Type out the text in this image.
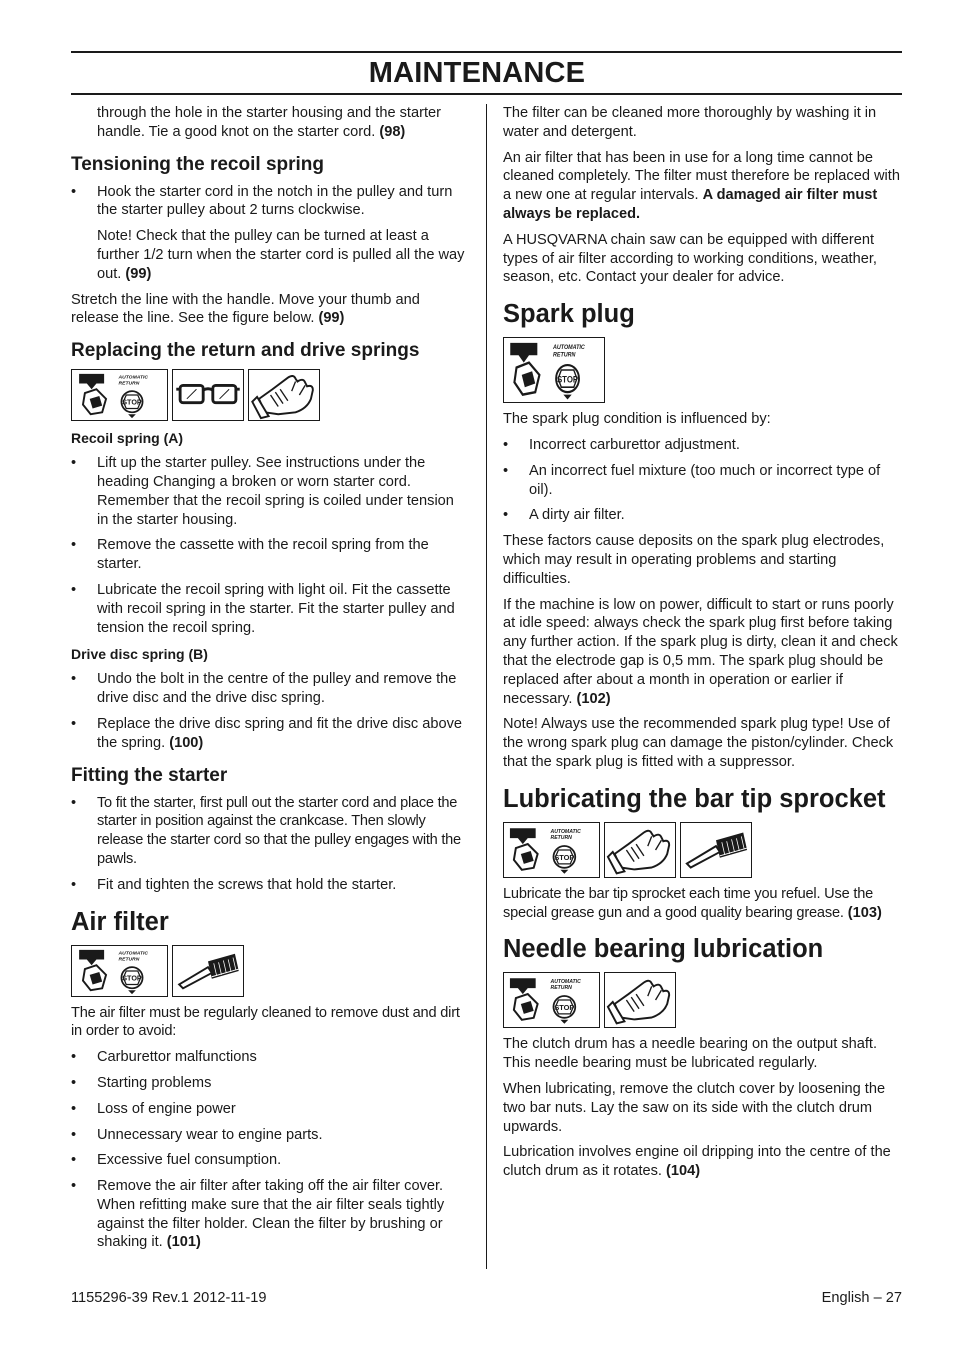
MAINTENANCE

through the hole in the starter housing and the starter handle. Tie a good knot on the starter cord. (98)

Tensioning the recoil spring
• Hook the starter cord in the notch in the pulley and turn the starter pulley about 2 turns clockwise.

Note! Check that the pulley can be turned at least a further 1/2 turn when the starter cord is pulled all the way out. (99)

Stretch the line with the handle. Move your thumb and release the line. See the figure below. (99)

Replacing the return and drive springs
AUTOMATIC
RETURN
STOP
Recoil spring (A)
• Lift up the starter pulley. See instructions under the heading Changing a broken or worn starter cord. Remember that the recoil spring is coiled under tension in the starter housing.
• Remove the cassette with the recoil spring from the starter.
• Lubricate the recoil spring with light oil. Fit the cassette with recoil spring in the starter. Fit the starter pulley and tension the recoil spring.
Drive disc spring (B)
• Undo the bolt in the centre of the pulley and remove the drive disc and the drive disc spring.
• Replace the drive disc spring and fit the drive disc above the spring. (100)
Fitting the starter
• To fit the starter, first pull out the starter cord and place the starter in position against the crankcase. Then slowly release the starter cord so that the pulley engages with the pawls.
• Fit and tighten the screws that hold the starter.
Air filter
AUTOMATIC
RETURN
STOP

The air filter must be regularly cleaned to remove dust and dirt in order to avoid:

• Carburettor malfunctions
• Starting problems
• Loss of engine power
• Unnecessary wear to engine parts.
• Excessive fuel consumption.
• Remove the air filter after taking off the air filter cover. When refitting make sure that the air filter seals tightly against the filter holder. Clean the filter by brushing or shaking it. (101)

The filter can be cleaned more thoroughly by washing it in water and detergent.

An air filter that has been in use for a long time cannot be cleaned completely. The filter must therefore be replaced with a new one at regular intervals. A damaged air filter must always be replaced.

A HUSQVARNA chain saw can be equipped with different types of air filter according to working conditions, weather, season, etc. Contact your dealer for advice.

Spark plug
AUTOMATIC
RETURN
STOP

The spark plug condition is influenced by:

• Incorrect carburettor adjustment.
• An incorrect fuel mixture (too much or incorrect type of oil).
• A dirty air filter.

These factors cause deposits on the spark plug electrodes, which may result in operating problems and starting difficulties.

If the machine is low on power, difficult to start or runs poorly at idle speed: always check the spark plug first before taking any further action. If the spark plug is dirty, clean it and check that the electrode gap is 0,5 mm. The spark plug should be replaced after about a month in operation or earlier if necessary. (102)

Note! Always use the recommended spark plug type! Use of the wrong spark plug can damage the piston/cylinder. Check that the spark plug is fitted with a suppressor.

Lubricating the bar tip sprocket
AUTOMATIC
RETURN
STOP

Lubricate the bar tip sprocket each time you refuel. Use the special grease gun and a good quality bearing grease. (103)

Needle bearing lubrication
AUTOMATIC
RETURN
STOP

The clutch drum has a needle bearing on the output shaft. This needle bearing must be lubricated regularly.

When lubricating, remove the clutch cover by loosening the two bar nuts. Lay the saw on its side with the clutch drum upwards.

Lubrication involves engine oil dripping into the centre of the clutch drum as it rotates. (104)

1155296-39 Rev.1 2012-11-19	English – 27
